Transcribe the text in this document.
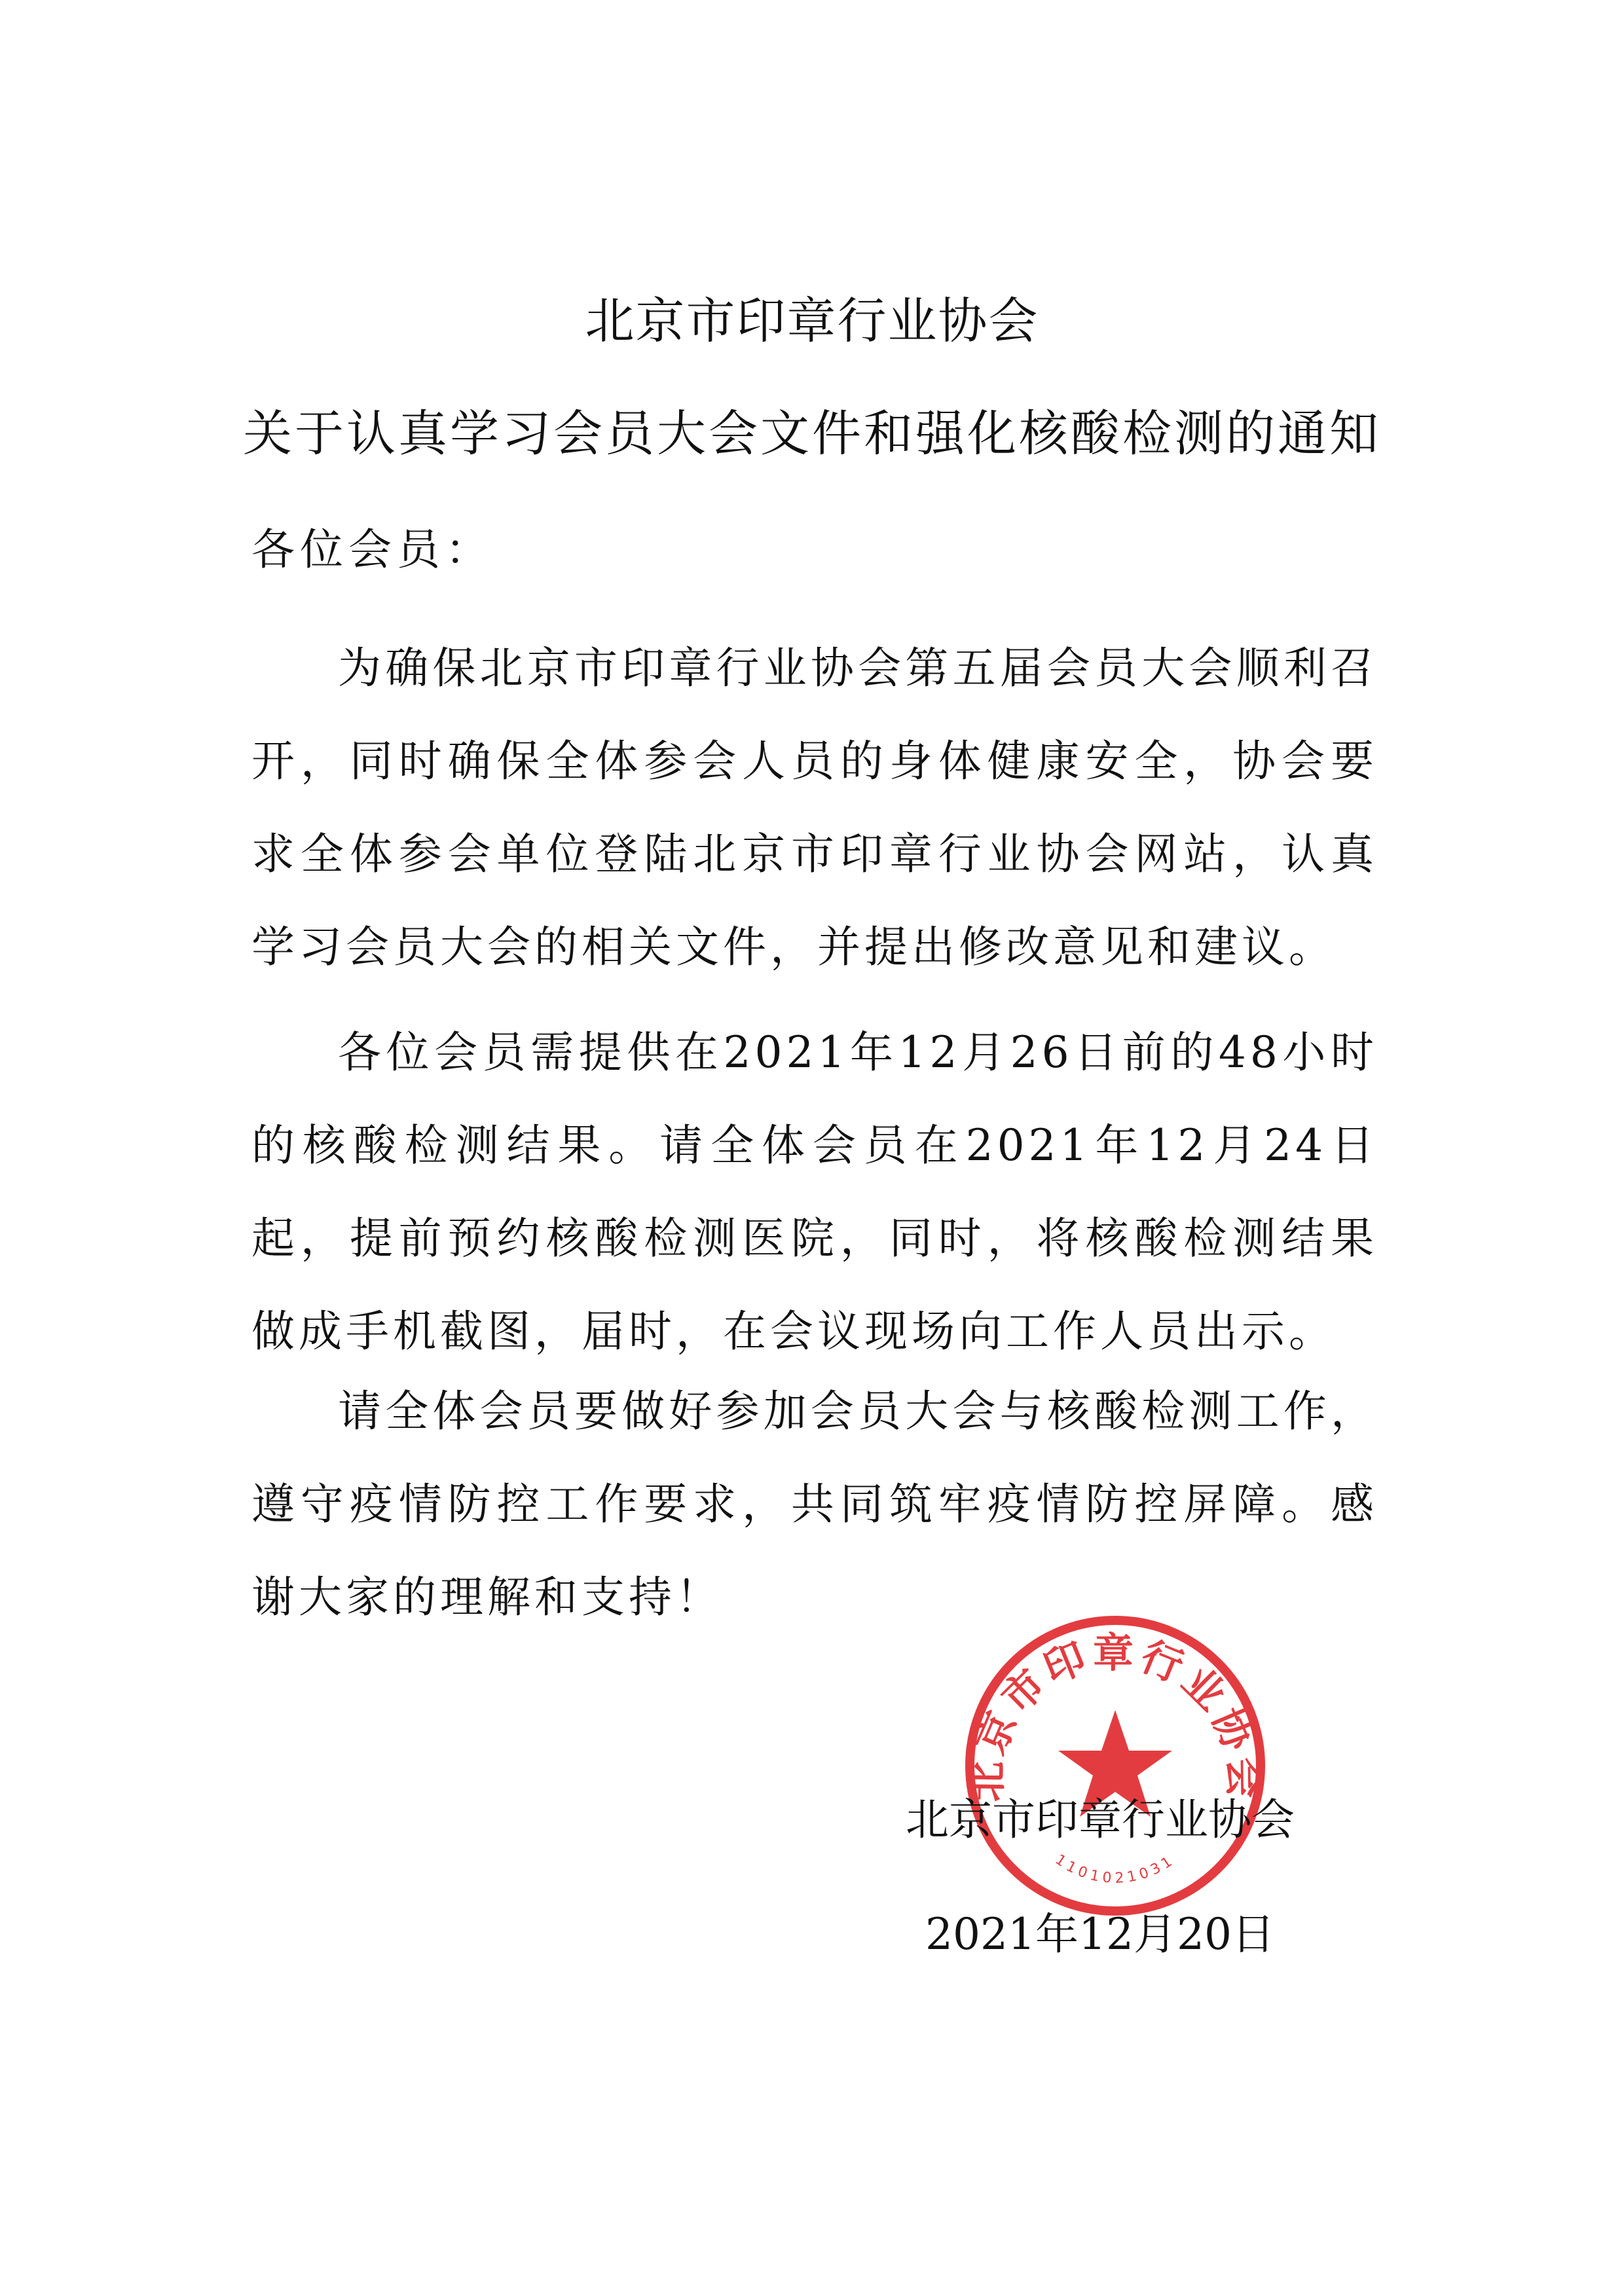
北京市印章行业协会
关于认真学习会员大会文件和强化核酸检测的通知
各位会员：

为确保北京市印章行业协会第五届会员大会顺利召开，同时确保全体参会人员的身体健康安全，协会要求全体参会单位登陆北京市印章行业协会网站，认真学习会员大会的相关文件，并提出修改意见和建议。

各位会员需提供在2021年12月26日前的48小时的核酸检测结果。请全体会员在2021年12月24日起，提前预约核酸检测医院，同时，将核酸检测结果做成手机截图，届时，在会议现场向工作人员出示。

请全体会员要做好参加会员大会与核酸检测工作，遵守疫情防控工作要求，共同筑牢疫情防控屏障。感谢大家的理解和支持！

北京市印章行业协会
1101021031
北京市印章行业协会
2021年12月20日
